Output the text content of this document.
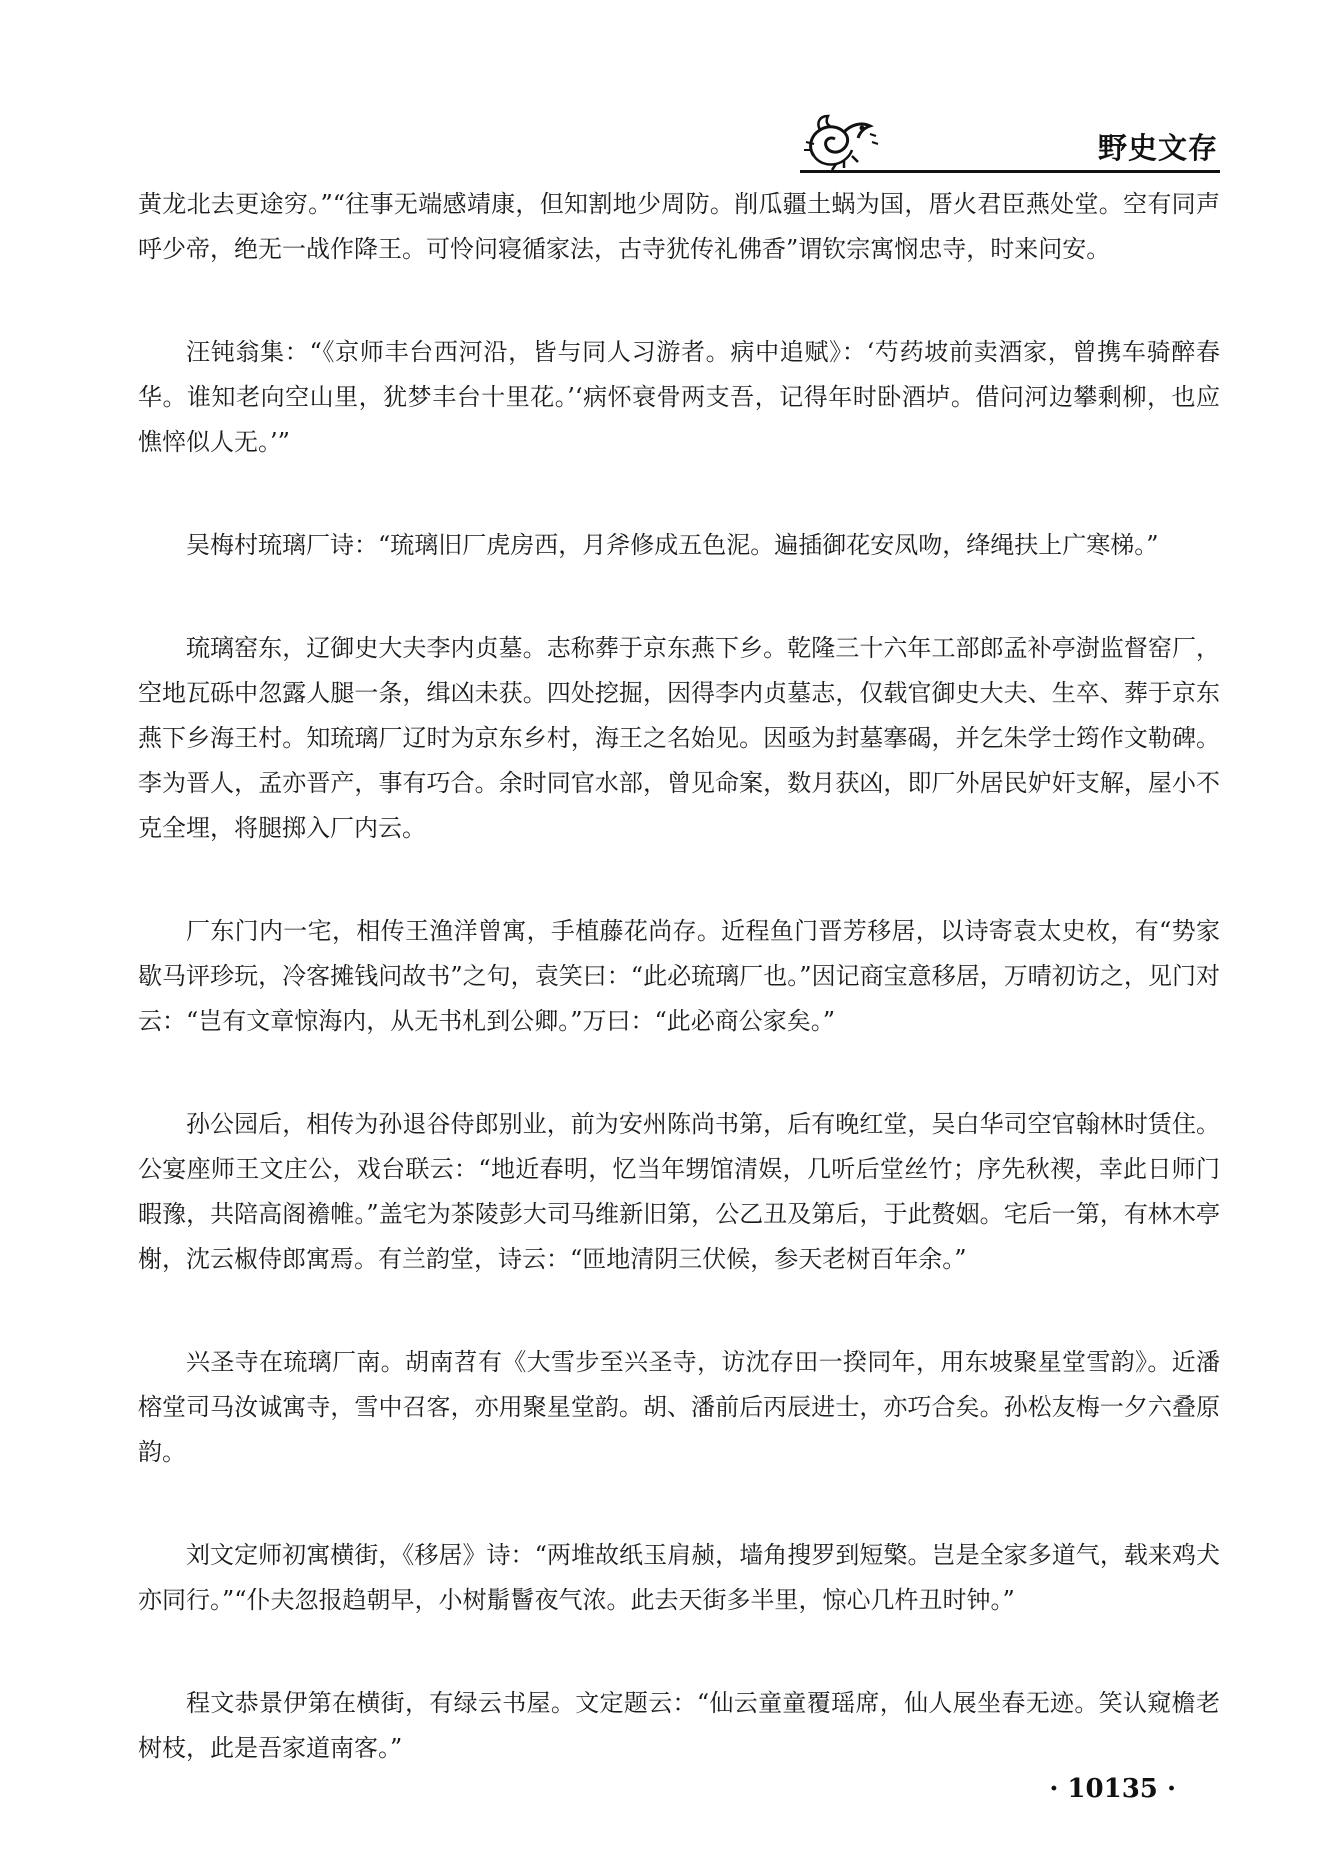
野史文存

黄龙北去更途穷。”“往事无端感靖康，但知割地少周防。削瓜疆土蜗为国，厝火君臣燕处堂。空有同声呼少帝，绝无一战作降王。可怜问寝循家法，古寺犹传礼佛香”谓钦宗寓悯忠寺，时来问安。

汪钝翁集：“《京师丰台西河沿，皆与同人习游者。病中追赋》：‘芍药坡前卖酒家，曾携车骑醉春华。谁知老向空山里，犹梦丰台十里花。’‘病怀衰骨两支吾，记得年时卧酒垆。借问河边攀剩柳，也应憔悴似人无。’”

吴梅村琉璃厂诗：“琉璃旧厂虎房西，月斧修成五色泥。遍插御花安凤吻，绛绳扶上广寒梯。”

琉璃窑东，辽御史大夫李内贞墓。志称葬于京东燕下乡。乾隆三十六年工部郎孟补亭澍监督窑厂，空地瓦砾中忽露人腿一条，缉凶未获。四处挖掘，因得李内贞墓志，仅载官御史大夫、生卒、葬于京东燕下乡海王村。知琉璃厂辽时为京东乡村，海王之名始见。因亟为封墓搴碣，并乞朱学士筠作文勒碑。李为晋人，孟亦晋产，事有巧合。余时同官水部，曾见命案，数月获凶，即厂外居民妒奸支解，屋小不克全埋，将腿掷入厂内云。

厂东门内一宅，相传王渔洋曾寓，手植藤花尚存。近程鱼门晋芳移居，以诗寄袁太史枚，有“势家歇马评珍玩，冷客摊钱问故书”之句，袁笑曰：“此必琉璃厂也。”因记商宝意移居，万晴初访之，见门对云：“岂有文章惊海内，从无书札到公卿。”万曰：“此必商公家矣。”

孙公园后，相传为孙退谷侍郎别业，前为安州陈尚书第，后有晚红堂，吴白华司空官翰林时赁住。公宴座师王文庄公，戏台联云：“地近春明，忆当年甥馆清娱，几听后堂丝竹；序先秋禊，幸此日师门暇豫，共陪高阁襜帷。”盖宅为茶陵彭大司马维新旧第，公乙丑及第后，于此赘姻。宅后一第，有林木亭榭，沈云椒侍郎寓焉。有兰韵堂，诗云：“匝地清阴三伏候，参天老树百年余。”

兴圣寺在琉璃厂南。胡南苕有《大雪步至兴圣寺，访沈存田一揆同年，用东坡聚星堂雪韵》。近潘榕堂司马汝诚寓寺，雪中召客，亦用聚星堂韵。胡、潘前后丙辰进士，亦巧合矣。孙松友梅一夕六叠原韵。

刘文定师初寓横街，《移居》诗：“两堆故纸玉肩赪，墙角搜罗到短檠。岂是全家多道气，载来鸡犬亦同行。”“仆夫忽报趋朝早，小树鬅鬙夜气浓。此去天街多半里，惊心几杵丑时钟。”

程文恭景伊第在横街，有绿云书屋。文定题云：“仙云童童覆瑶席，仙人展坐春无迹。笑认窥檐老树枝，此是吾家道南客。”

· 10135 ·
